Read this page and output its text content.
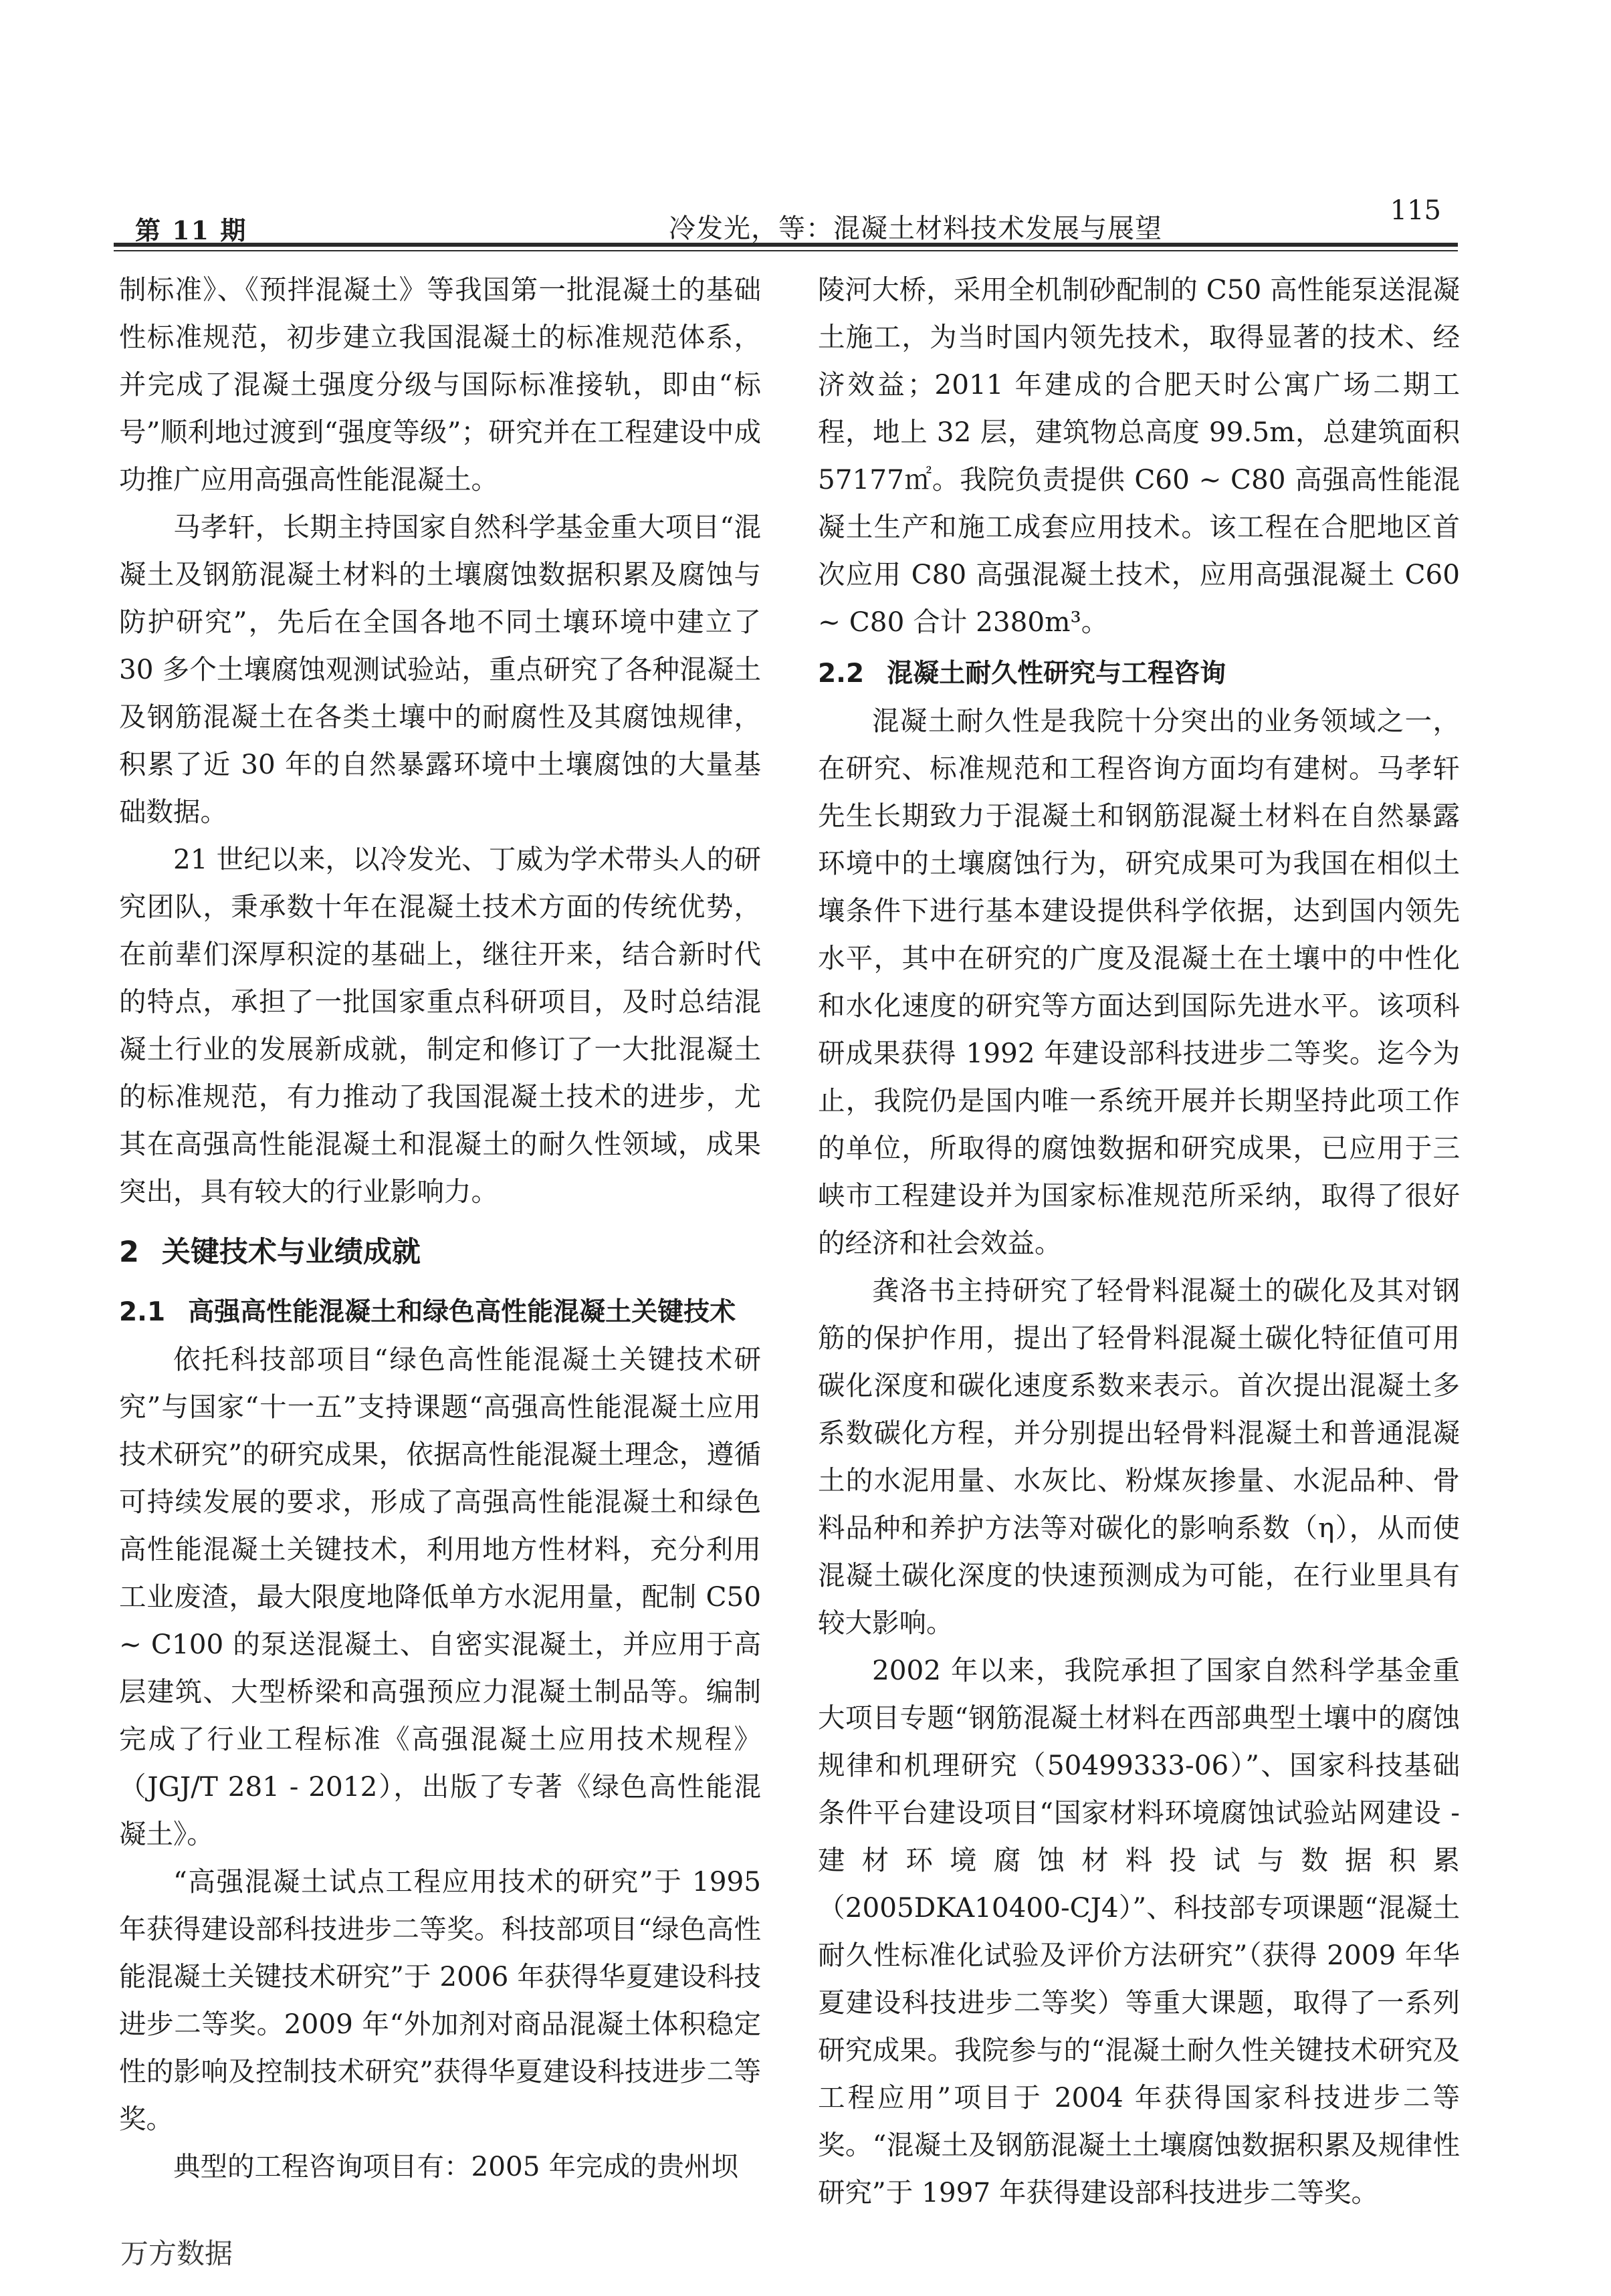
第 11 期	冷发光，等：混凝土材料技术发展与展望
115

制标准》、《预拌混凝土》等我国第一批混凝土的基础性标准规范，初步建立我国混凝土的标准规范体系，并完成了混凝土强度分级与国际标准接轨，即由“标号”顺利地过渡到“强度等级”；研究并在工程建设中成功推广应用高强高性能混凝土。

马孝轩，长期主持国家自然科学基金重大项目“混凝土及钢筋混凝土材料的土壤腐蚀数据积累及腐蚀与防护研究”，先后在全国各地不同土壤环境中建立了 30 多个土壤腐蚀观测试验站，重点研究了各种混凝土及钢筋混凝土在各类土壤中的耐腐性及其腐蚀规律，积累了近 30 年的自然暴露环境中土壤腐蚀的大量基础数据。

21 世纪以来，以冷发光、丁威为学术带头人的研究团队，秉承数十年在混凝土技术方面的传统优势，在前辈们深厚积淀的基础上，继往开来，结合新时代的特点，承担了一批国家重点科研项目，及时总结混凝土行业的发展新成就，制定和修订了一大批混凝土的标准规范，有力推动了我国混凝土技术的进步，尤其在高强高性能混凝土和混凝土的耐久性领域，成果突出，具有较大的行业影响力。

2 关键技术与业绩成就
2.1 高强高性能混凝土和绿色高性能混凝土关键技术

依托科技部项目“绿色高性能混凝土关键技术研究”与国家“十一五”支持课题“高强高性能混凝土应用技术研究”的研究成果，依据高性能混凝土理念，遵循可持续发展的要求，形成了高强高性能混凝土和绿色高性能混凝土关键技术，利用地方性材料，充分利用工业废渣，最大限度地降低单方水泥用量，配制 C50 ~ C100 的泵送混凝土、自密实混凝土，并应用于高层建筑、大型桥梁和高强预应力混凝土制品等。编制完成了行业工程标准《高强混凝土应用技术规程》（JGJ/T 281 - 2012），出版了专著《绿色高性能混凝土》。

“高强混凝土试点工程应用技术的研究”于 1995 年获得建设部科技进步二等奖。科技部项目“绿色高性能混凝土关键技术研究”于 2006 年获得华夏建设科技进步二等奖。2009 年“外加剂对商品混凝土体积稳定性的影响及控制技术研究”获得华夏建设科技进步二等奖。

典型的工程咨询项目有：2005 年完成的贵州坝

陵河大桥，采用全机制砂配制的 C50 高性能泵送混凝土施工，为当时国内领先技术，取得显著的技术、经济效益；2011 年建成的合肥天时公寓广场二期工程，地上 32 层，建筑物总高度 99.5m，总建筑面积 57177㎡。我院负责提供 C60 ~ C80 高强高性能混凝土生产和施工成套应用技术。该工程在合肥地区首次应用 C80 高强混凝土技术，应用高强混凝土 C60 ~ C80 合计 2380m³。

2.2 混凝土耐久性研究与工程咨询

混凝土耐久性是我院十分突出的业务领域之一，在研究、标准规范和工程咨询方面均有建树。马孝轩先生长期致力于混凝土和钢筋混凝土材料在自然暴露环境中的土壤腐蚀行为，研究成果可为我国在相似土壤条件下进行基本建设提供科学依据，达到国内领先水平，其中在研究的广度及混凝土在土壤中的中性化和水化速度的研究等方面达到国际先进水平。该项科研成果获得 1992 年建设部科技进步二等奖。迄今为止，我院仍是国内唯一系统开展并长期坚持此项工作的单位，所取得的腐蚀数据和研究成果，已应用于三峡市工程建设并为国家标准规范所采纳，取得了很好的经济和社会效益。

龚洛书主持研究了轻骨料混凝土的碳化及其对钢筋的保护作用，提出了轻骨料混凝土碳化特征值可用碳化深度和碳化速度系数来表示。首次提出混凝土多系数碳化方程，并分别提出轻骨料混凝土和普通混凝土的水泥用量、水灰比、粉煤灰掺量、水泥品种、骨料品种和养护方法等对碳化的影响系数（η），从而使混凝土碳化深度的快速预测成为可能，在行业里具有较大影响。

2002 年以来，我院承担了国家自然科学基金重大项目专题“钢筋混凝土材料在西部典型土壤中的腐蚀规律和机理研究（50499333-06）”、国家科技基础条件平台建设项目“国家材料环境腐蚀试验站网建设 - 建材环境腐蚀材料投试与数据积累（2005DKA10400-CJ4）”、科技部专项课题“混凝土耐久性标准化试验及评价方法研究”（获得 2009 年华夏建设科技进步二等奖）等重大课题，取得了一系列研究成果。我院参与的“混凝土耐久性关键技术研究及工程应用”项目于 2004 年获得国家科技进步二等奖。“混凝土及钢筋混凝土土壤腐蚀数据积累及规律性研究”于 1997 年获得建设部科技进步二等奖。

万方数据
